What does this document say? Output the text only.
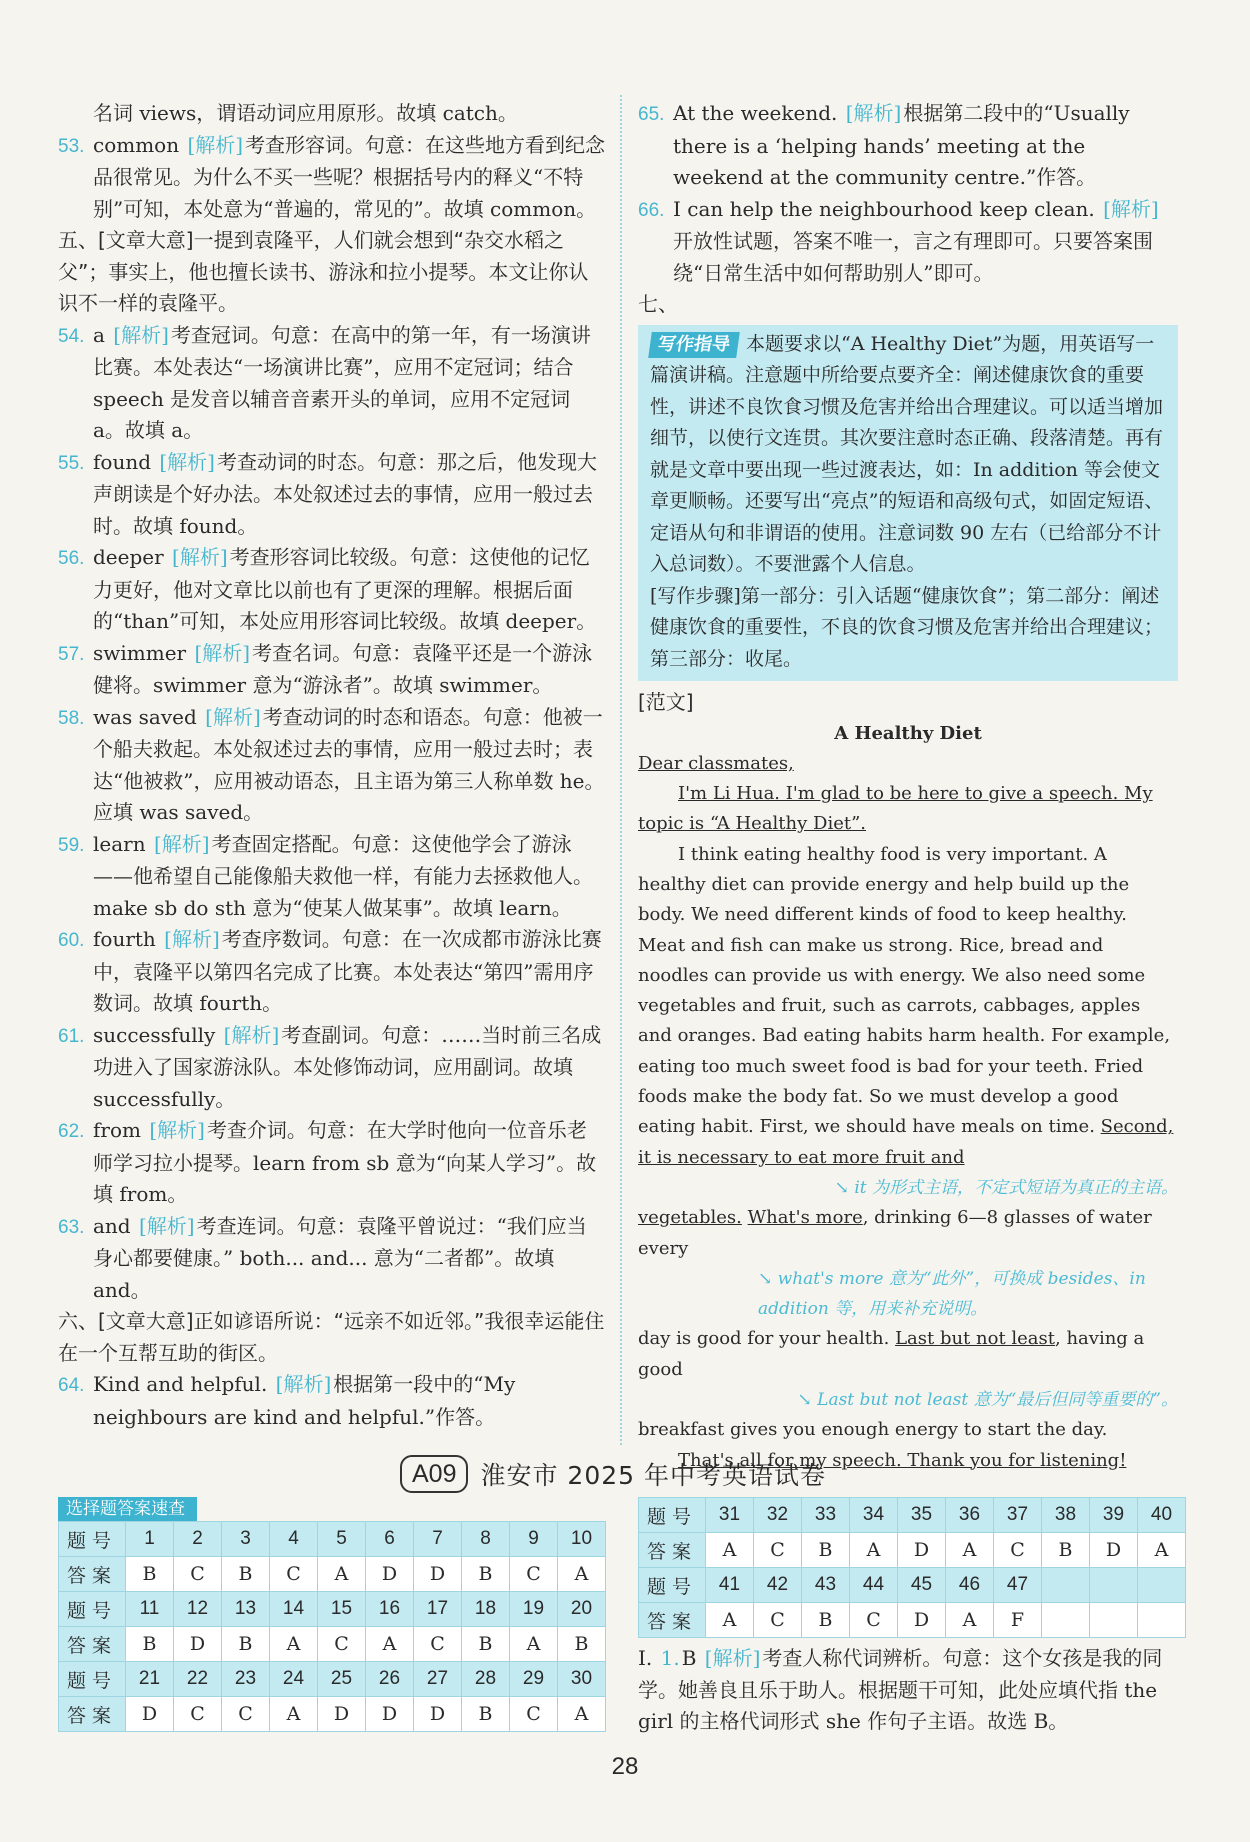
名词 views，谓语动词应用原形。故填 catch。

53. common [解析] 考查形容词。句意：在这些地方看到纪念品很常见。为什么不买一些呢？根据括号内的释义“不特别”可知，本处意为“普遍的，常见的”。故填 common。

五、[文章大意]一提到袁隆平，人们就会想到“杂交水稻之父”；事实上，他也擅长读书、游泳和拉小提琴。本文让你认识不一样的袁隆平。

54. a [解析] 考查冠词。句意：在高中的第一年，有一场演讲比赛。本处表达“一场演讲比赛”，应用不定冠词；结合 speech 是发音以辅音音素开头的单词，应用不定冠词 a。故填 a。

55. found [解析] 考查动词的时态。句意：那之后，他发现大声朗读是个好办法。本处叙述过去的事情，应用一般过去时。故填 found。

56. deeper [解析] 考查形容词比较级。句意：这使他的记忆力更好，他对文章比以前也有了更深的理解。根据后面的“than”可知，本处应用形容词比较级。故填 deeper。

57. swimmer [解析] 考查名词。句意：袁隆平还是一个游泳健将。swimmer 意为“游泳者”。故填 swimmer。

58. was saved [解析] 考查动词的时态和语态。句意：他被一个船夫救起。本处叙述过去的事情，应用一般过去时；表达“他被救”，应用被动语态，且主语为第三人称单数 he。应填 was saved。

59. learn [解析] 考查固定搭配。句意：这使他学会了游泳——他希望自己能像船夫救他一样，有能力去拯救他人。make sb do sth 意为“使某人做某事”。故填 learn。

60. fourth [解析] 考查序数词。句意：在一次成都市游泳比赛中，袁隆平以第四名完成了比赛。本处表达“第四”需用序数词。故填 fourth。

61. successfully [解析] 考查副词。句意：……当时前三名成功进入了国家游泳队。本处修饰动词，应用副词。故填 successfully。

62. from [解析] 考查介词。句意：在大学时他向一位音乐老师学习拉小提琴。learn from sb 意为“向某人学习”。故填 from。

63. and [解析] 考查连词。句意：袁隆平曾说过：“我们应当身心都要健康。” both... and... 意为“二者都”。故填 and。

六、[文章大意]正如谚语所说：“远亲不如近邻。”我很幸运能住在一个互帮互助的街区。

64. Kind and helpful. [解析] 根据第一段中的“My neighbours are kind and helpful.”作答。

65. At the weekend. [解析] 根据第二段中的“Usually there is a ‘helping hands’ meeting at the weekend at the community centre.”作答。

66. I can help the neighbourhood keep clean. [解析]开放性试题，答案不唯一，言之有理即可。只要答案围绕“日常生活中如何帮助别人”即可。

七、

写作指导 本题要求以“A Healthy Diet”为题，用英语写一篇演讲稿。注意题中所给要点要齐全：阐述健康饮食的重要性，讲述不良饮食习惯及危害并给出合理建议。可以适当增加细节，以使行文连贯。其次要注意时态正确、段落清楚。再有就是文章中要出现一些过渡表达，如：In addition 等会使文章更顺畅。还要写出“亮点”的短语和高级句式，如固定短语、定语从句和非谓语的使用。注意词数 90 左右（已给部分不计入总词数）。不要泄露个人信息。
[写作步骤]第一部分：引入话题“健康饮食”；第二部分：阐述健康饮食的重要性，不良的饮食习惯及危害并给出合理建议；第三部分：收尾。

[范文]

A Healthy Diet

Dear classmates,

I'm Li Hua. I'm glad to be here to give a speech. My topic is “A Healthy Diet”.

I think eating healthy food is very important. A healthy diet can provide energy and help build up the body. We need different kinds of food to keep healthy. Meat and fish can make us strong. Rice, bread and noodles can provide us with energy. We also need some vegetables and fruit, such as carrots, cabbages, apples and oranges. Bad eating habits harm health. For example, eating too much sweet food is bad for your teeth. Fried foods make the body fat. So we must develop a good eating habit. First, we should have meals on time. Second, it is necessary to eat more fruit and

↘ it 为形式主语，不定式短语为真正的主语。

vegetables. What's more, drinking 6—8 glasses of water every

↘ what's more 意为“此外”，可换成 besides、in addition 等，用来补充说明。

day is good for your health. Last but not least, having a good

↘ Last but not least 意为“最后但同等重要的”。

breakfast gives you enough energy to start the day.

That's all for my speech. Thank you for listening!

A09 淮安市 2025 年中考英语试卷
选择题答案速查
题号	1	2	3	4	5	6	7	8	9	10
答案	B	C	B	C	A	D	D	B	C	A
题号	11	12	13	14	15	16	17	18	19	20
答案	B	D	B	A	C	A	C	B	A	B
题号	21	22	23	24	25	26	27	28	29	30
答案	D	C	C	A	D	D	D	B	C	A
题号	31	32	33	34	35	36	37	38	39	40
答案	A	C	B	A	D	A	C	B	D	A
题号	41	42	43	44	45	46	47			
答案	A	C	B	C	D	A	F			
Ⅰ. 1. B [解析] 考查人称代词辨析。句意：这个女孩是我的同学。她善良且乐于助人。根据题干可知，此处应填代指 the girl 的主格代词形式 she 作句子主语。故选 B。
28
